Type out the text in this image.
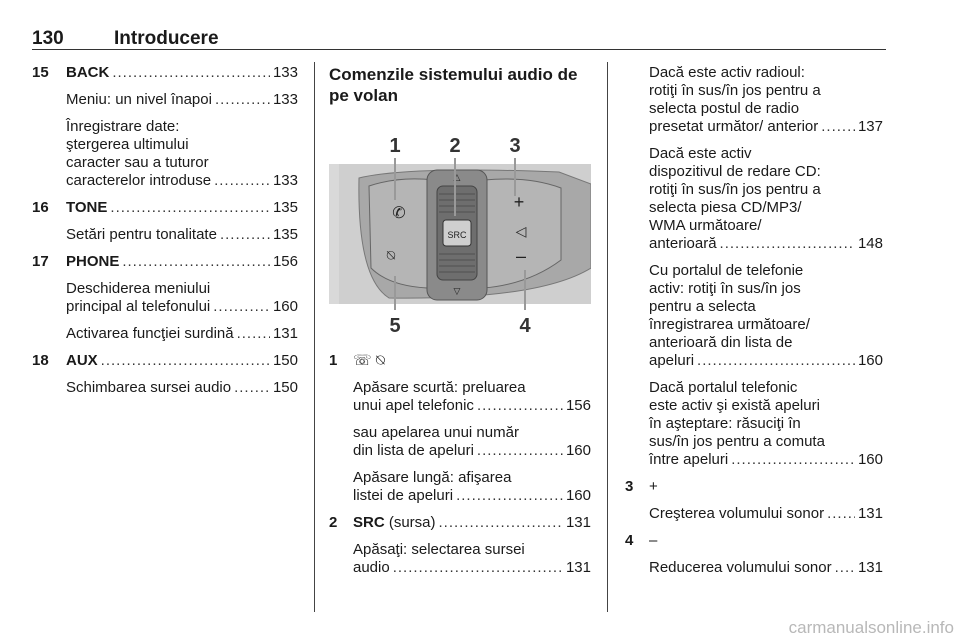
130	Introducere
15 BACK .....	133
Meniu: un nivel înapoi .....	133
Înregistrare date:
ştergerea ultimului
caracter sau a tuturor
caracterelor introduse .....	133
16 TONE .....	135
Setări pentru tonalitate .....	135
17 PHONE .....	156
Deschiderea meniului
principal al telefonului .....	160
Activarea funcţiei surdină .....	131
18 AUX .....	150
Schimbarea sursei audio .....	150
Comenzile sistemului audio de pe volan
SRC
△
▽
✆
⍉
+
◁
–
1 2 3
4
5
1 ☏ ⍉
Apăsare scurtă: preluarea
unui apel telefonic .....	156
sau apelarea unui număr
din lista de apeluri .....	160
Apăsare lungă: afişarea
listei de apeluri .....	160
2 SRC (sursa) .....	131
Apăsaţi: selectarea sursei
audio .....	131
Dacă este activ radioul:
rotiţi în sus/în jos pentru a
selecta postul de radio
presetat următor/ anterior .....	137
Dacă este activ
dispozitivul de redare CD:
rotiţi în sus/în jos pentru a
selecta piesa CD/MP3/
WMA următoare/
anterioară .....	148
Cu portalul de telefonie
activ: rotiţi în sus/în jos
pentru a selecta
înregistrarea următoare/
anterioară din lista de
apeluri .....	160
Dacă portalul telefonic
este activ şi există apeluri
în aşteptare: răsuciţi în
sus/în jos pentru a comuta
între apeluri .....	160
3 +
Creşterea volumului sonor ..... 131
4 –
Reducerea volumului sonor ..... 131
carmanualsonline.info
